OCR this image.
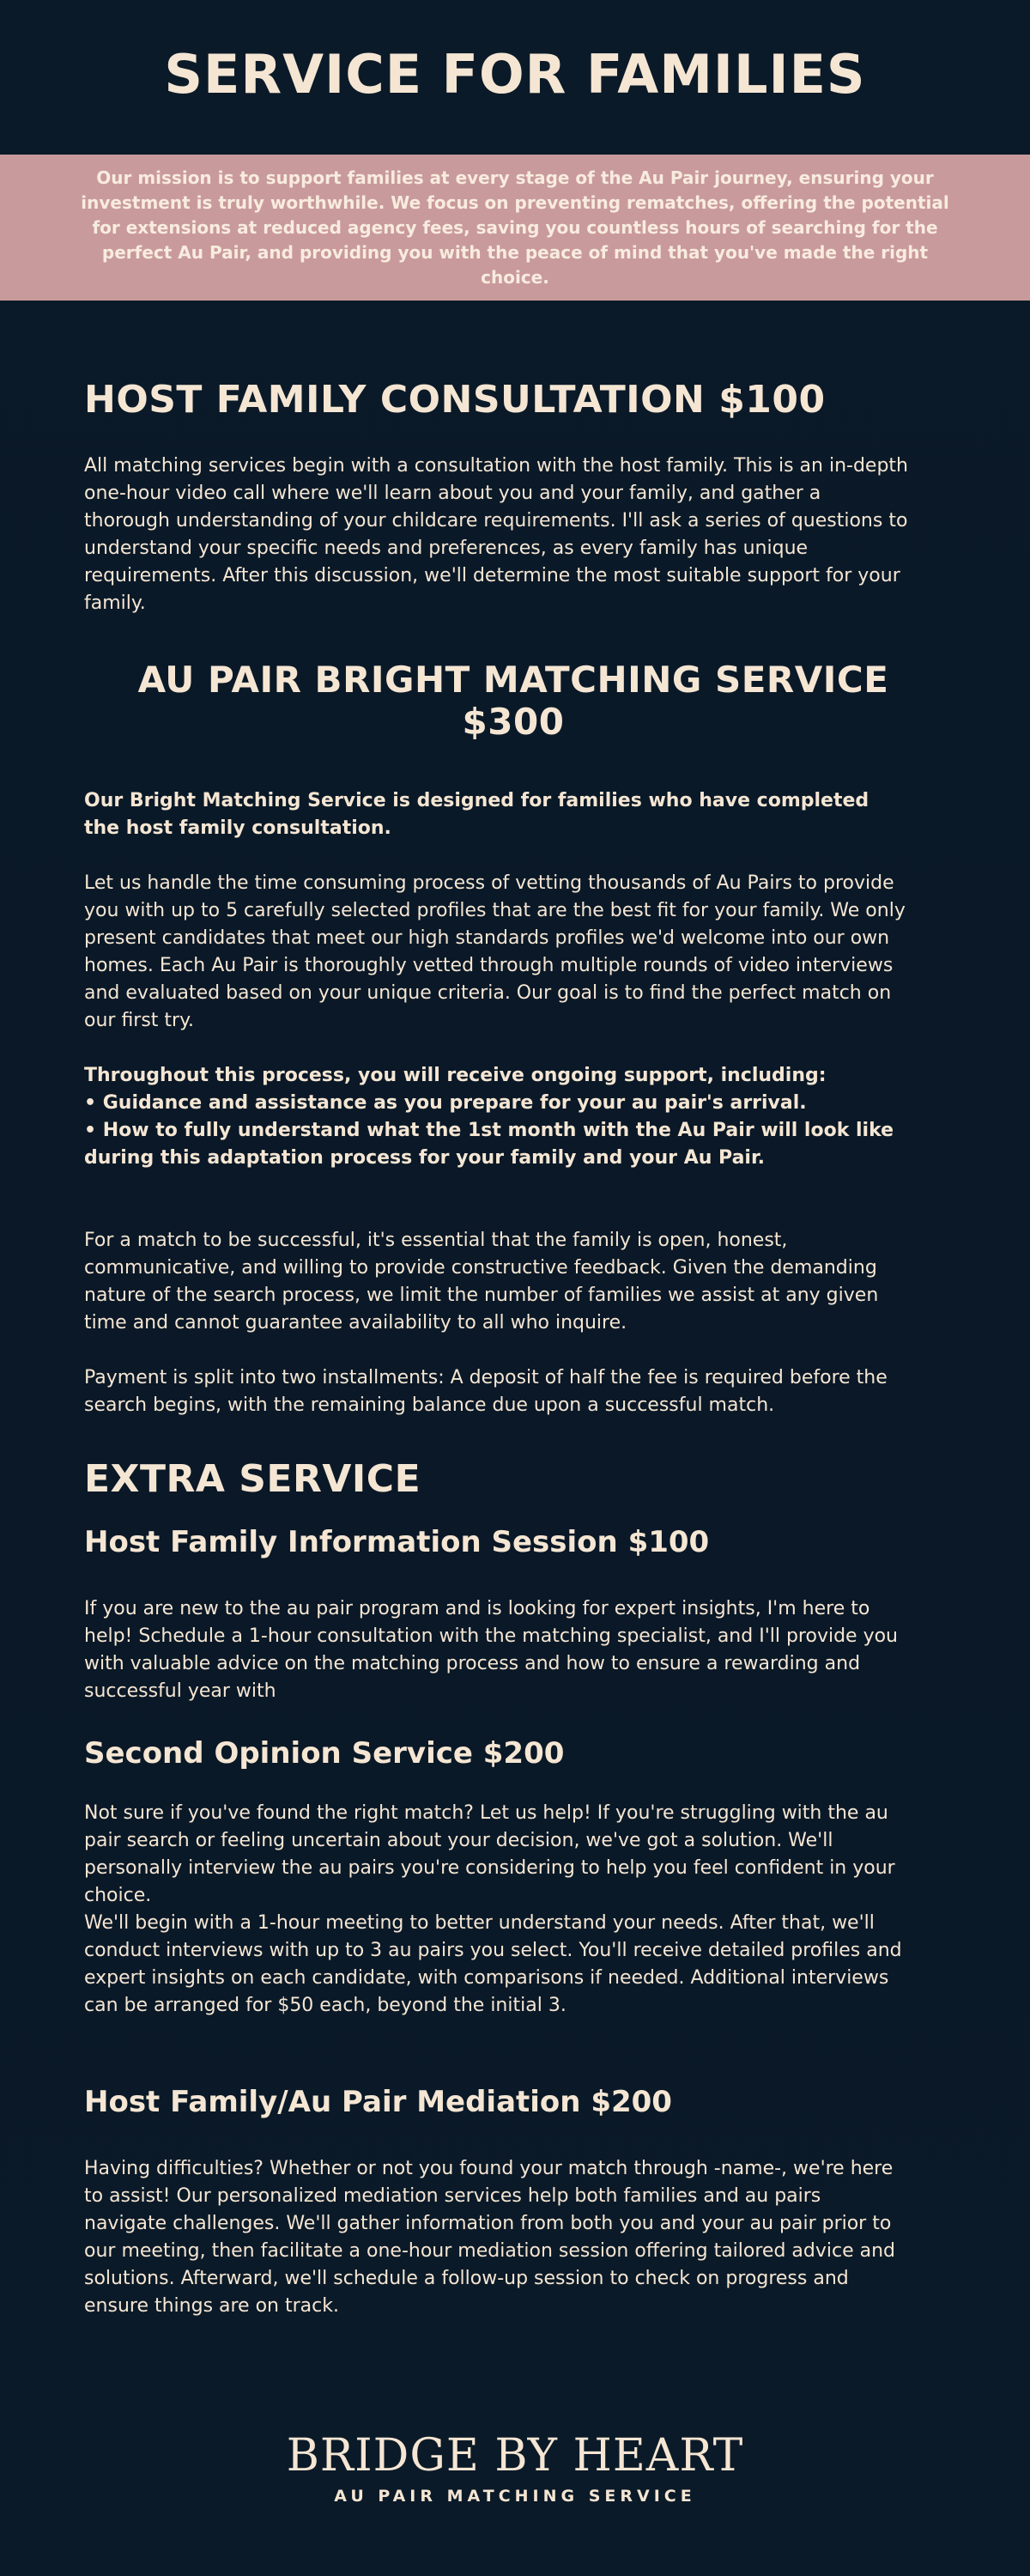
SERVICE FOR FAMILIES

Our mission is to support families at every stage of the Au Pair journey, ensuring your investment is truly worthwhile. We focus on preventing rematches, offering the potential for extensions at reduced agency fees, saving you countless hours of searching for the perfect Au Pair, and providing you with the peace of mind that you've made the right choice.

HOST FAMILY CONSULTATION $100

All matching services begin with a consultation with the host family. This is an in-depth one-hour video call where we'll learn about you and your family, and gather a thorough understanding of your childcare requirements. I'll ask a series of questions to understand your specific needs and preferences, as every family has unique requirements. After this discussion, we'll determine the most suitable support for your family.

AU PAIR BRIGHT MATCHING SERVICE $300

Our Bright Matching Service is designed for families who have completed the host family consultation.

Let us handle the time consuming process of vetting thousands of Au Pairs to provide you with up to 5 carefully selected profiles that are the best fit for your family. We only present candidates that meet our high standards profiles we'd welcome into our own homes. Each Au Pair is thoroughly vetted through multiple rounds of video interviews and evaluated based on your unique criteria. Our goal is to find the perfect match on our first try.

Throughout this process, you will receive ongoing support, including:

• Guidance and assistance as you prepare for your au pair's arrival.

• How to fully understand what the 1st month with the Au Pair will look like during this adaptation process for your family and your Au Pair.

For a match to be successful, it's essential that the family is open, honest, communicative, and willing to provide constructive feedback. Given the demanding nature of the search process, we limit the number of families we assist at any given time and cannot guarantee availability to all who inquire.

Payment is split into two installments: A deposit of half the fee is required before the search begins, with the remaining balance due upon a successful match.

EXTRA SERVICE
Host Family Information Session $100

If you are new to the au pair program and is looking for expert insights, I'm here to help! Schedule a 1-hour consultation with the matching specialist, and I'll provide you with valuable advice on the matching process and how to ensure a rewarding and successful year with

Second Opinion Service $200

Not sure if you've found the right match? Let us help! If you're struggling with the au pair search or feeling uncertain about your decision, we've got a solution. We'll personally interview the au pairs you're considering to help you feel confident in your choice.

We'll begin with a 1-hour meeting to better understand your needs. After that, we'll conduct interviews with up to 3 au pairs you select. You'll receive detailed profiles and expert insights on each candidate, with comparisons if needed. Additional interviews can be arranged for $50 each, beyond the initial 3.

Host Family/Au Pair Mediation $200

Having difficulties? Whether or not you found your match through -name-, we're here to assist! Our personalized mediation services help both families and au pairs navigate challenges. We'll gather information from both you and your au pair prior to our meeting, then facilitate a one-hour mediation session offering tailored advice and solutions. Afterward, we'll schedule a follow-up session to check on progress and ensure things are on track.

BRIDGE BY HEART

AU PAIR MATCHING SERVICE
